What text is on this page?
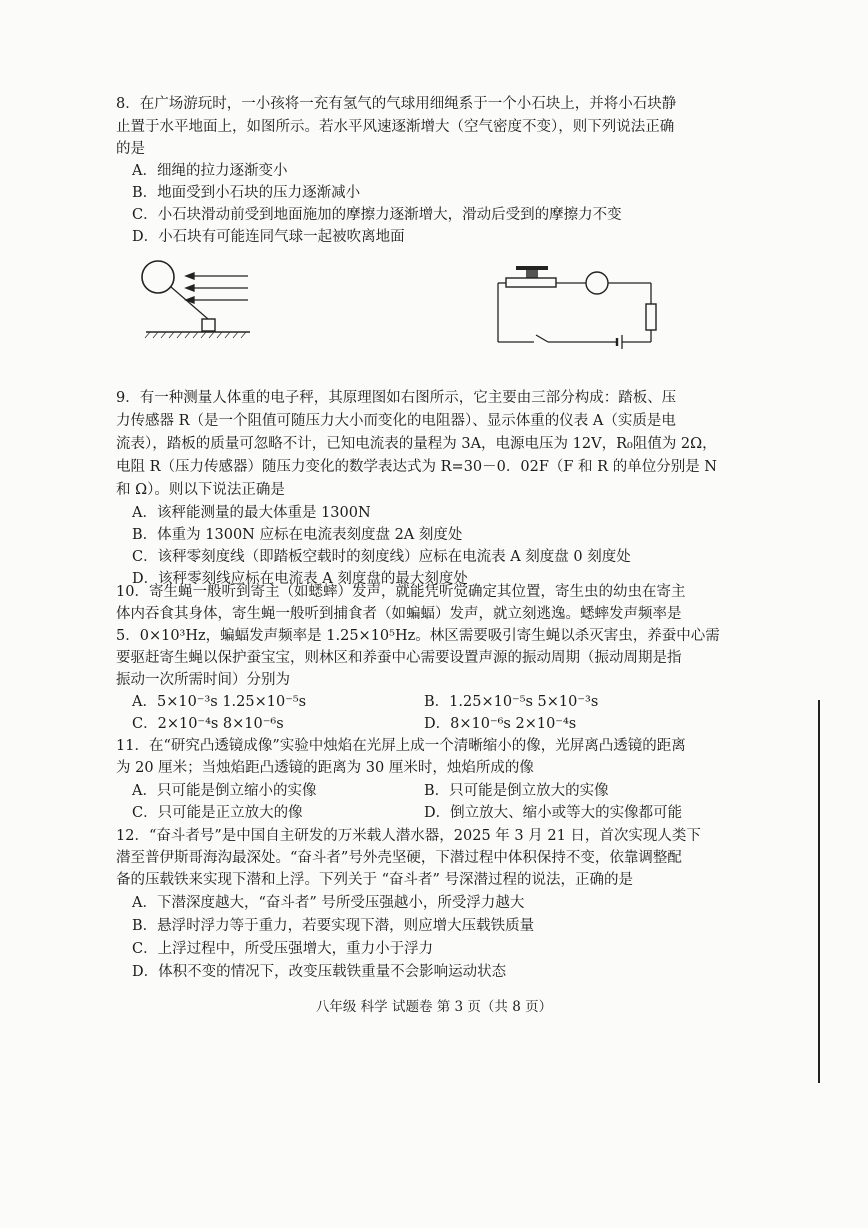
8．在广场游玩时，一小孩将一充有氢气的气球用细绳系于一个小石块上，并将小石块静
止置于水平地面上，如图所示。若水平风速逐渐增大（空气密度不变），则下列说法正确
的是
A．细绳的拉力逐渐变小
B．地面受到小石块的压力逐渐减小
C．小石块滑动前受到地面施加的摩擦力逐渐增大，滑动后受到的摩擦力不变
D．小石块有可能连同气球一起被吹离地面
9．有一种测量人体重的电子秤，其原理图如右图所示，它主要由三部分构成：踏板、压
力传感器 R（是一个阻值可随压力大小而变化的电阻器）、显示体重的仪表 A（实质是电
流表），踏板的质量可忽略不计，已知电流表的量程为 3A，电源电压为 12V，R₀阻值为 2Ω，
电阻 R（压力传感器）随压力变化的数学表达式为 R=30－0．02F（F 和 R 的单位分别是 N
和 Ω）。则以下说法正确是
A．该秤能测量的最大体重是 1300N
B．体重为 1300N 应标在电流表刻度盘 2A 刻度处
C．该秤零刻度线（即踏板空载时的刻度线）应标在电流表 A 刻度盘 0 刻度处
D．该秤零刻线应标在电流表 A 刻度盘的最大刻度处
10．寄生蝇一般听到寄主（如蟋蟀）发声，就能凭听觉确定其位置，寄生虫的幼虫在寄主
体内吞食其身体，寄生蝇一般听到捕食者（如蝙蝠）发声，就立刻逃逸。蟋蟀发声频率是
5．0×10³Hz，蝙蝠发声频率是 1.25×10⁵Hz。林区需要吸引寄生蝇以杀灭害虫，养蚕中心需
要驱赶寄生蝇以保护蚕宝宝，则林区和养蚕中心需要设置声源的振动周期（振动周期是指
振动一次所需时间）分别为
A．5×10⁻³s 1.25×10⁻⁵s	B．1.25×10⁻⁵s 5×10⁻³s
C．2×10⁻⁴s 8×10⁻⁶s	D．8×10⁻⁶s 2×10⁻⁴s
11．在“研究凸透镜成像”实验中烛焰在光屏上成一个清晰缩小的像，光屏离凸透镜的距离
为 20 厘米；当烛焰距凸透镜的距离为 30 厘米时，烛焰所成的像
A．只可能是倒立缩小的实像	B．只可能是倒立放大的实像
C．只可能是正立放大的像	D．倒立放大、缩小或等大的实像都可能
12．“奋斗者号”是中国自主研发的万米载人潜水器，2025 年 3 月 21 日，首次实现人类下
潜至普伊斯哥海沟最深处。“奋斗者”号外壳坚硬，下潜过程中体积保持不变，依靠调整配
备的压载铁来实现下潜和上浮。下列关于 “奋斗者” 号深潜过程的说法，正确的是
A．下潜深度越大，“奋斗者” 号所受压强越小，所受浮力越大
B．悬浮时浮力等于重力，若要实现下潜，则应增大压载铁质量
C．上浮过程中，所受压强增大，重力小于浮力
D．体积不变的情况下，改变压载铁重量不会影响运动状态
八年级 科学 试题卷 第 3 页（共 8 页）
